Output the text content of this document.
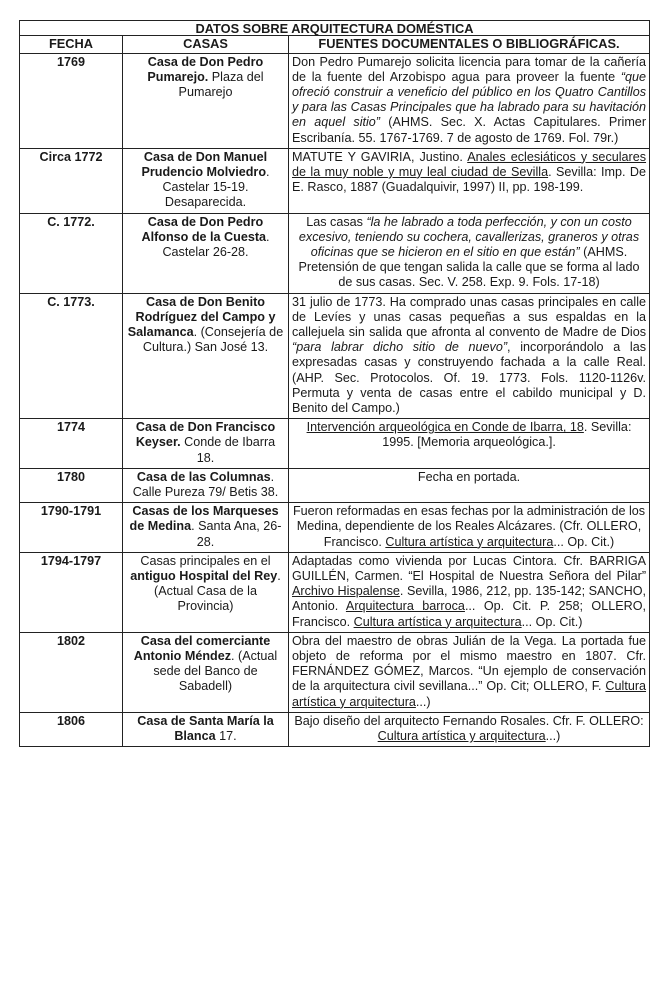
DATOS SOBRE ARQUITECTURA DOMÉSTICA		
FECHA	CASAS	FUENTES DOCUMENTALES O BIBLIOGRÁFICAS.
1769	Casa de Don Pedro Pumarejo. Plaza del Pumarejo	Don Pedro Pumarejo solicita licencia para tomar de la cañería de la fuente del Arzobispo agua para proveer la fuente “que ofreció construir a veneficio del público en los Quatro Cantillos y para las Casas Principales que ha labrado para su havitación en aquel sitio” (AHMS. Sec. X. Actas Capitulares. Primer Escribanía. 55. 1767-1769. 7 de agosto de 1769. Fol. 79r.)
Circa 1772	Casa de Don Manuel Prudencio Molviedro. Castelar 15-19. Desaparecida.	MATUTE Y GAVIRIA, Justino. Anales eclesiáticos y seculares de la muy noble y muy leal ciudad de Sevilla. Sevilla: Imp. De E. Rasco, 1887 (Guadalquivir, 1997) II, pp. 198-199.
C. 1772.	Casa de Don Pedro Alfonso de la Cuesta. Castelar 26-28.	Las casas “la he labrado a toda perfección, y con un costo excesivo, teniendo su cochera, cavallerizas, graneros y otras oficinas que se hicieron en el sitio en que están” (AHMS. Pretensión de que tengan salida la calle que se forma al lado de sus casas. Sec. V. 258. Exp. 9. Fols. 17-18)
C. 1773.	Casa de Don Benito Rodríguez del Campo y Salamanca. (Consejería de Cultura.) San José 13.	31 julio de 1773. Ha comprado unas casas principales en calle de Levíes y unas casas pequeñas a sus espaldas en la callejuela sin salida que afronta al convento de Madre de Dios “para labrar dicho sitio de nuevo”, incorporándolo a las expresadas casas y construyendo fachada a la calle Real. (AHP. Sec. Protocolos. Of. 19. 1773. Fols. 1120-1126v. Permuta y venta de casas entre el cabildo municipal y D. Benito del Campo.)
1774	Casa de Don Francisco Keyser. Conde de Ibarra 18.	Intervención arqueológica en Conde de Ibarra, 18. Sevilla: 1995. [Memoria arqueológica.].
1780	Casa de las Columnas. Calle Pureza 79/ Betis 38.	Fecha en portada.
1790-1791	Casas de los Marqueses de Medina. Santa Ana, 26-28.	Fueron reformadas en esas fechas por la administración de los Medina, dependiente de los Reales Alcázares. (Cfr. OLLERO, Francisco. Cultura artística y arquitectura... Op. Cit.)
1794-1797	Casas principales en el antiguo Hospital del Rey. (Actual Casa de la Provincia)	Adaptadas como vivienda por Lucas Cintora. Cfr. BARRIGA GUILLÉN, Carmen. “El Hospital de Nuestra Señora del Pilar” Archivo Hispalense. Sevilla, 1986, 212, pp. 135-142; SANCHO, Antonio. Arquitectura barroca... Op. Cit. P. 258; OLLERO, Francisco. Cultura artística y arquitectura... Op. Cit.)
1802	Casa del comerciante Antonio Méndez. (Actual sede del Banco de Sabadell)	Obra del maestro de obras Julián de la Vega. La portada fue objeto de reforma por el mismo maestro en 1807. Cfr. FERNÁNDEZ GÓMEZ, Marcos. “Un ejemplo de conservación de la arquitectura civil sevillana...” Op. Cit; OLLERO, F. Cultura artística y arquitectura...)
1806	Casa de Santa María la Blanca 17.	Bajo diseño del arquitecto Fernando Rosales. Cfr. F. OLLERO: Cultura artística y arquitectura...)
